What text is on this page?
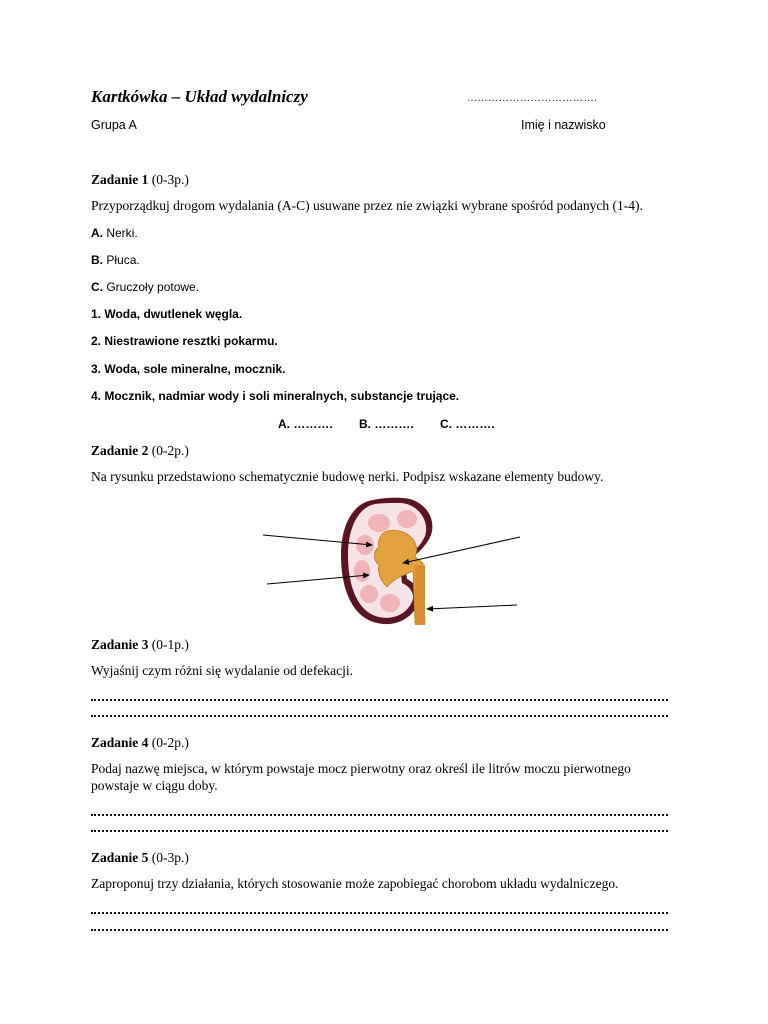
Kartkówka – Układ wydalniczy	……………………………….
Grupa A	Imię i nazwisko
Zadanie 1 (0-3p.)
Przyporządkuj drogom wydalania (A-C) usuwane przez nie związki wybrane spośród podanych (1-4).
A. Nerki.
B. Płuca.
C. Gruczoły potowe.
1. Woda, dwutlenek węgla.
2. Niestrawione resztki pokarmu.
3. Woda, sole mineralne, mocznik.
4. Mocznik, nadmiar wody i soli mineralnych, substancje trujące.
A. ………. B. ………. C. ……….
Zadanie 2 (0-2p.)
Na rysunku przedstawiono schematycznie budowę nerki. Podpisz wskazane elementy budowy.
Zadanie 3 (0-1p.)
Wyjaśnij czym różni się wydalanie od defekacji.
Zadanie 4 (0-2p.)
Podaj nazwę miejsca, w którym powstaje mocz pierwotny oraz określ ile litrów moczu pierwotnego
powstaje w ciągu doby.
Zadanie 5 (0-3p.)
Zaproponuj trzy działania, których stosowanie może zapobiegać chorobom układu wydalniczego.
